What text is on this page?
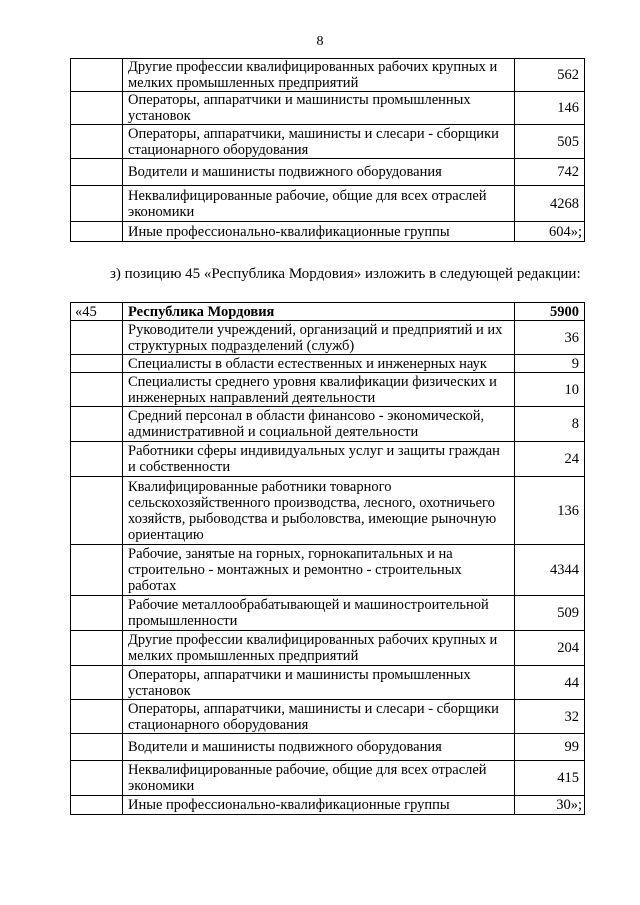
8
	Другие профессии квалифицированных рабочих крупных и мелких промышленных предприятий	562
	Операторы, аппаратчики и машинисты промышленных установок	146
	Операторы, аппаратчики, машинисты и слесари - сборщики стационарного оборудования	505
	Водители и машинисты подвижного оборудования	742
	Неквалифицированные рабочие, общие для всех отраслей экономики	4268
	Иные профессионально-квалификационные группы	604»;
з) позицию 45 «Республика Мордовия» изложить в следующей редакции:
«45	Республика Мордовия	5900
	Руководители учреждений, организаций и предприятий и их структурных подразделений (служб)	36
	Специалисты в области естественных и инженерных наук	9
	Специалисты среднего уровня квалификации физических и инженерных направлений деятельности	10
	Средний персонал в области финансово - экономической, административной и социальной деятельности	8
	Работники сферы индивидуальных услуг и защиты граждан и собственности	24
	Квалифицированные работники товарного сельскохозяйственного производства, лесного, охотничьего хозяйств, рыбоводства и рыболовства, имеющие рыночную ориентацию	136
	Рабочие, занятые на горных, горнокапитальных и на строительно - монтажных и ремонтно - строительных работах	4344
	Рабочие металлообрабатывающей и машиностроительной промышленности	509
	Другие профессии квалифицированных рабочих крупных и мелких промышленных предприятий	204
	Операторы, аппаратчики и машинисты промышленных установок	44
	Операторы, аппаратчики, машинисты и слесари - сборщики стационарного оборудования	32
	Водители и машинисты подвижного оборудования	99
	Неквалифицированные рабочие, общие для всех отраслей экономики	415
	Иные профессионально-квалификационные группы	30»;
